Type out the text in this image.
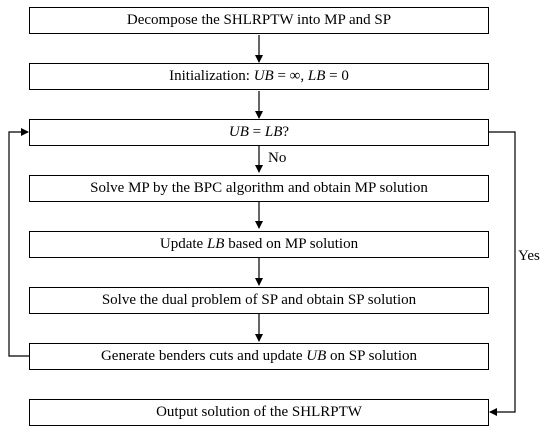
Decompose the SHLRPTW into MP and SP
Initialization: UB = ∞, LB = 0
UB = LB ?
Solve MP by the BPC algorithm and obtain MP solution
Update LB based on MP solution
Solve the dual problem of SP and obtain SP solution
Generate benders cuts and update UB on SP solution
Output solution of the SHLRPTW
No
Yes
